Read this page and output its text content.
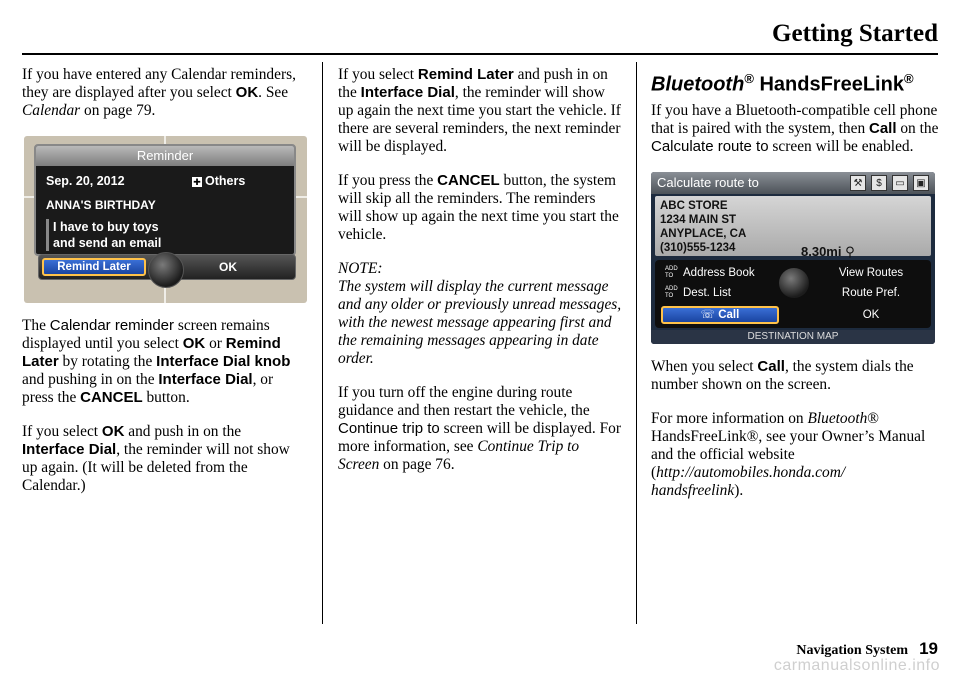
Getting Started

If you have entered any Calendar reminders, they are displayed after you select OK. See Calendar on page 79.

Reminder
Sep. 20, 2012	✚ Others
ANNA'S BIRTHDAY
I have to buy toys
and send an email
Remind Later	OK

The Calendar reminder screen remains displayed until you select OK or Remind Later by rotating the Interface Dial knob and pushing in on the Interface Dial, or press the CANCEL button.

If you select OK and push in on the Interface Dial, the reminder will not show up again. (It will be deleted from the Calendar.)

If you select Remind Later and push in on the Interface Dial, the reminder will show up again the next time you start the vehicle. If there are several reminders, the next reminder will be displayed.

If you press the CANCEL button, the system will skip all the reminders. The reminders will show up again the next time you start the vehicle.

NOTE:
The system will display the current message and any older or previously unread messages, with the newest message appearing first and the remaining messages appearing in date order.

If you turn off the engine during route guidance and then restart the vehicle, the Continue trip to screen will be displayed. For more information, see Continue Trip to Screen on page 76.

Bluetooth® HandsFreeLink®

If you have a Bluetooth-compatible cell phone that is paired with the system, then Call on the Calculate route to screen will be enabled.

Calculate route to	⚒	$	▭	▣
ABC STORE
1234 MAIN ST
ANYPLACE, CA
(310)555-1234	8.30mi ⚲
ADD TO Address Book	View Routes
ADD TO Dest. List	Route Pref.
☏ Call	OK
DESTINATION MAP

When you select Call, the system dials the number shown on the screen.

For more information on Bluetooth® HandsFreeLink®, see your Owner’s Manual and the official website (http://automobiles.honda.com/ handsfreelink).

Navigation System 19
carmanualsonline.info
